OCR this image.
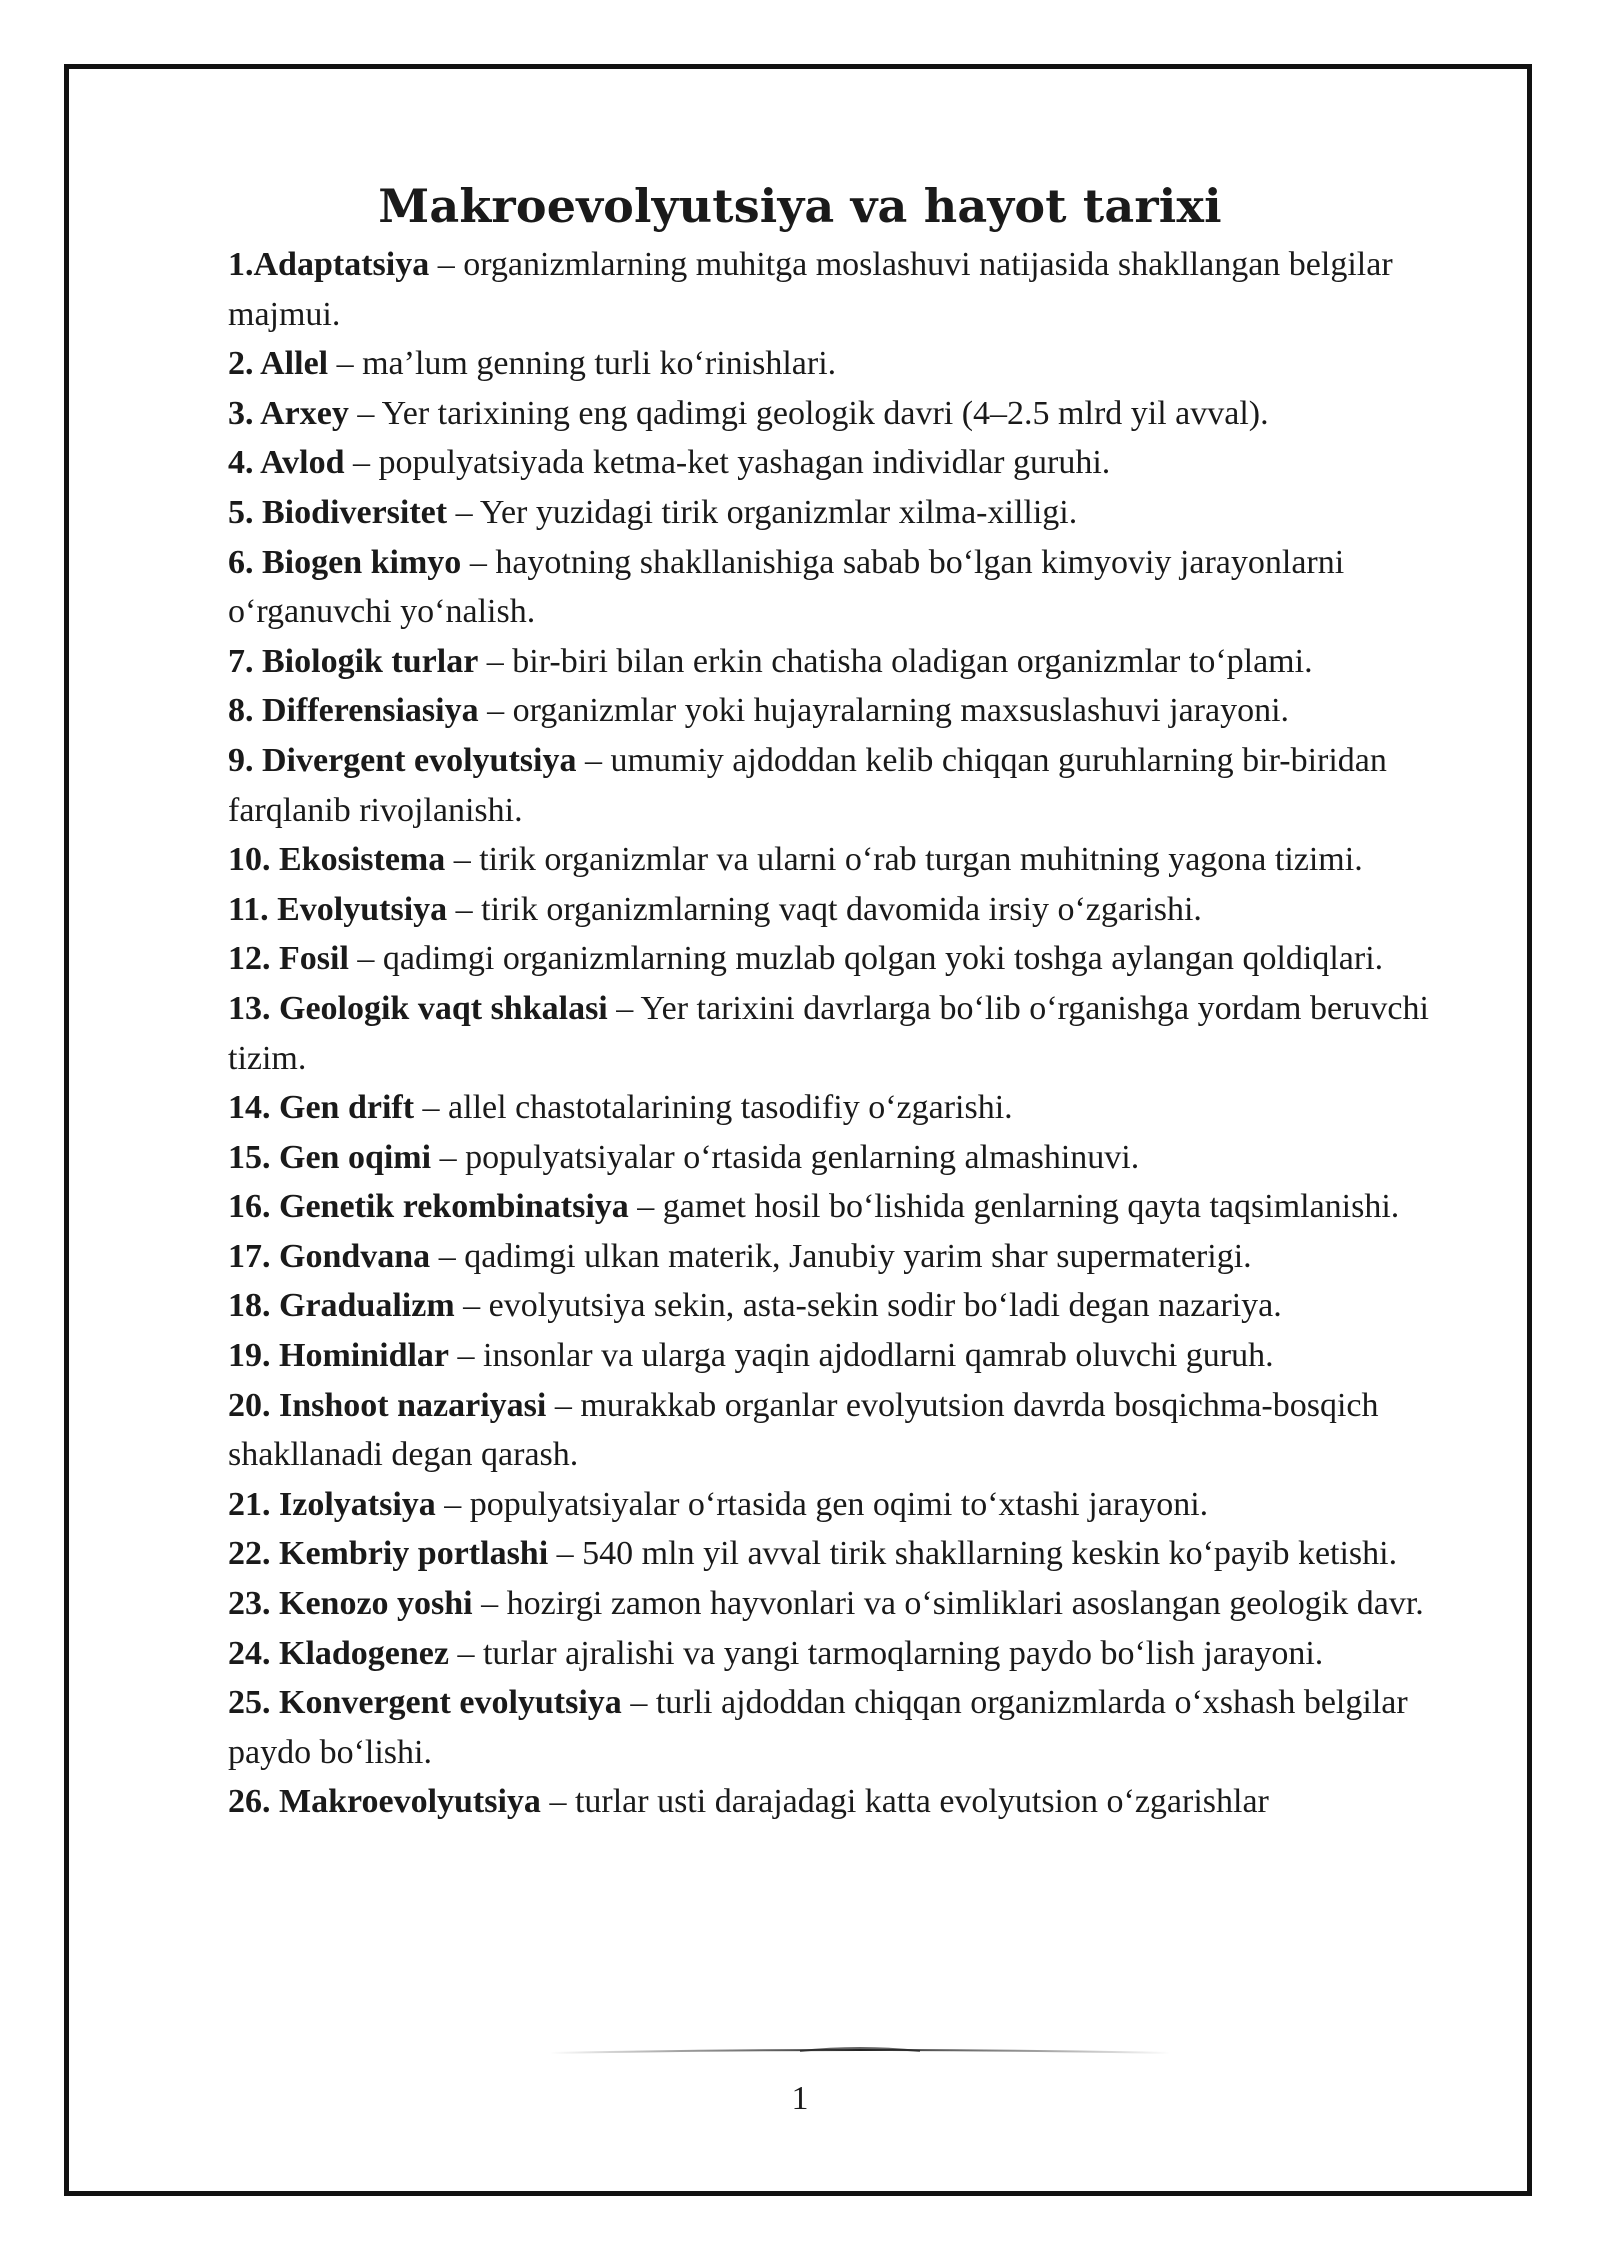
Makroevolyutsiya va hayot tarixi
1.Adaptatsiya – organizmlarning muhitga moslashuvi natijasida shakllangan belgilar majmui.
2. Allel – ma’lum genning turli koʻrinishlari.
3. Arxey – Yer tarixining eng qadimgi geologik davri (4–2.5 mlrd yil avval).
4. Avlod – populyatsiyada ketma-ket yashagan individlar guruhi.
5. Biodiversitet – Yer yuzidagi tirik organizmlar xilma-xilligi.
6. Biogen kimyo – hayotning shakllanishiga sabab boʻlgan kimyoviy jarayonlarni oʻrganuvchi yoʻnalish.
7. Biologik turlar – bir-biri bilan erkin chatisha oladigan organizmlar toʻplami.
8. Differensiasiya – organizmlar yoki hujayralarning maxsuslashuvi jarayoni.
9. Divergent evolyutsiya – umumiy ajdoddan kelib chiqqan guruhlarning bir-biridan farqlanib rivojlanishi.
10. Ekosistema – tirik organizmlar va ularni oʻrab turgan muhitning yagona tizimi.
11. Evolyutsiya – tirik organizmlarning vaqt davomida irsiy oʻzgarishi.
12. Fosil – qadimgi organizmlarning muzlab qolgan yoki toshga aylangan qoldiqlari.
13. Geologik vaqt shkalasi – Yer tarixini davrlarga boʻlib oʻrganishga yordam beruvchi tizim.
14. Gen drift – allel chastotalarining tasodifiy oʻzgarishi.
15. Gen oqimi – populyatsiyalar oʻrtasida genlarning almashinuvi.
16. Genetik rekombinatsiya – gamet hosil boʻlishida genlarning qayta taqsimlanishi.
17. Gondvana – qadimgi ulkan materik, Janubiy yarim shar supermaterigi.
18. Gradualizm – evolyutsiya sekin, asta-sekin sodir boʻladi degan nazariya.
19. Hominidlar – insonlar va ularga yaqin ajdodlarni qamrab oluvchi guruh.
20. Inshoot nazariyasi – murakkab organlar evolyutsion davrda bosqichma-bosqich shakllanadi degan qarash.
21. Izolyatsiya – populyatsiyalar oʻrtasida gen oqimi toʻxtashi jarayoni.
22. Kembriy portlashi – 540 mln yil avval tirik shakllarning keskin koʻpayib ketishi.
23. Kenozo yoshi – hozirgi zamon hayvonlari va oʻsimliklari asoslangan geologik davr.
24. Kladogenez – turlar ajralishi va yangi tarmoqlarning paydo boʻlish jarayoni.
25. Konvergent evolyutsiya – turli ajdoddan chiqqan organizmlarda oʻxshash belgilar paydo boʻlishi.
26. Makroevolyutsiya – turlar usti darajadagi katta evolyutsion oʻzgarishlar
1
